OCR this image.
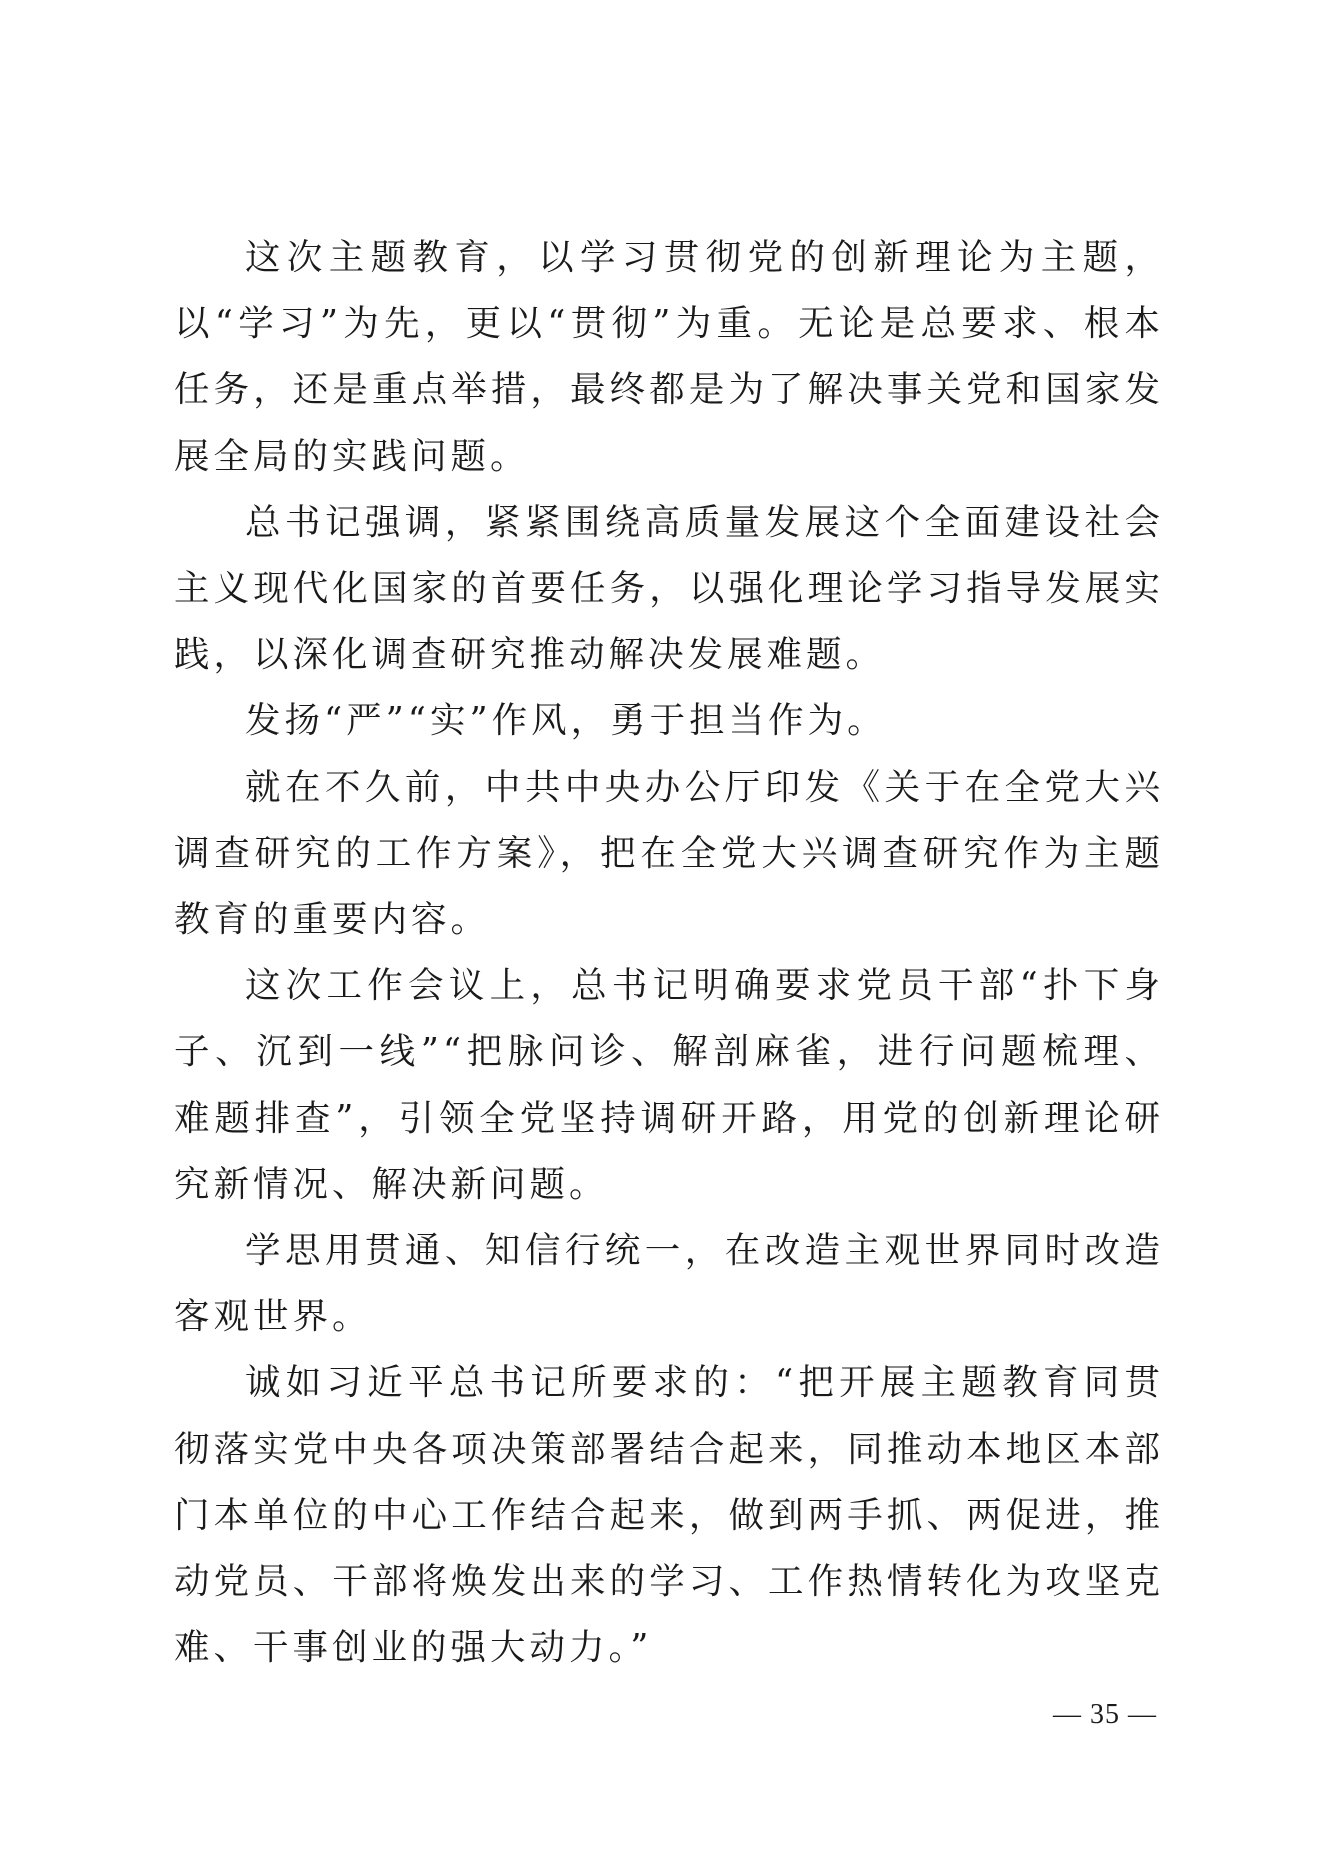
这次主题教育，以学习贯彻党的创新理论为主题，以“学习”为先，更以“贯彻”为重。无论是总要求、根本任务，还是重点举措，最终都是为了解决事关党和国家发展全局的实践问题。

总书记强调，紧紧围绕高质量发展这个全面建设社会主义现代化国家的首要任务，以强化理论学习指导发展实践，以深化调查研究推动解决发展难题。

发扬“严”“实”作风，勇于担当作为。

就在不久前，中共中央办公厅印发《关于在全党大兴调查研究的工作方案》，把在全党大兴调查研究作为主题教育的重要内容。

这次工作会议上，总书记明确要求党员干部“扑下身子、沉到一线”“把脉问诊、解剖麻雀，进行问题梳理、难题排查”，引领全党坚持调研开路，用党的创新理论研究新情况、解决新问题。

学思用贯通、知信行统一，在改造主观世界同时改造客观世界。

诚如习近平总书记所要求的：“把开展主题教育同贯彻落实党中央各项决策部署结合起来，同推动本地区本部门本单位的中心工作结合起来，做到两手抓、两促进，推动党员、干部将焕发出来的学习、工作热情转化为攻坚克难、干事创业的强大动力。”

— 35 —
